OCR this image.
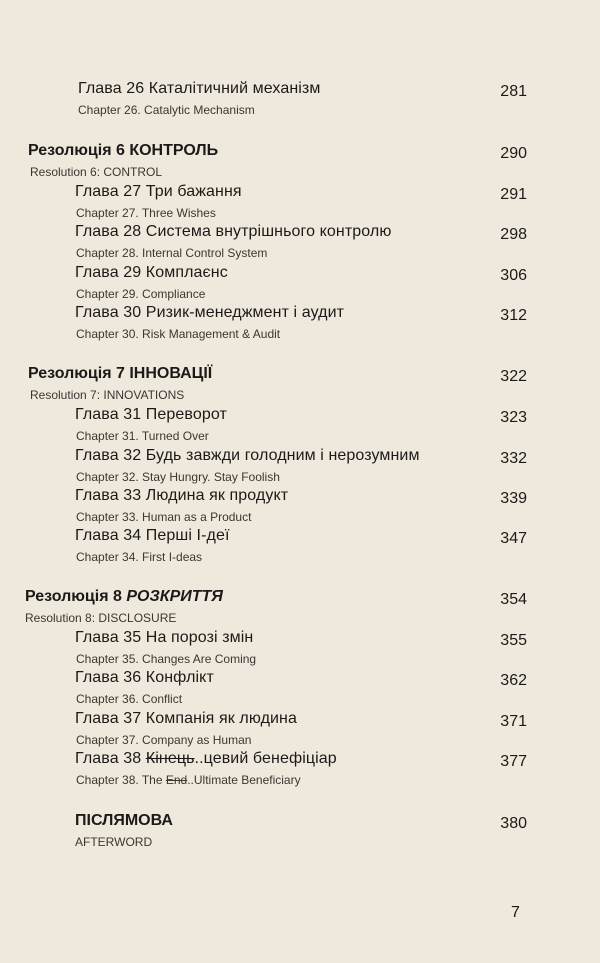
Глава 26 Каталітичний механізм	281
Chapter 26. Catalytic Mechanism
Резолюція 6 КОНТРОЛЬ	290
Resolution 6: CONTROL
Глава 27 Три бажання	291
Chapter 27. Three Wishes
Глава 28 Система внутрішнього контролю	298
Chapter 28. Internal Control System
Глава 29 Комплаєнс	306
Chapter 29. Compliance
Глава 30 Ризик-менеджмент і аудит	312
Chapter 30. Risk Management & Audit
Резолюція 7 ІННОВАЦІЇ	322
Resolution 7: INNOVATIONS
Глава 31 Переворот	323
Chapter 31. Turned Over
Глава 32 Будь завжди голодним і нерозумним	332
Chapter 32. Stay Hungry. Stay Foolish
Глава 33 Людина як продукт	339
Chapter 33. Human as a Product
Глава 34 Перші І-деї	347
Chapter 34. First I-deas
Резолюція 8 РОЗКРИТТЯ	354
Resolution 8: DISCLOSURE
Глава 35 На порозі змін	355
Chapter 35. Changes Are Coming
Глава 36 Конфлікт	362
Chapter 36. Conflict
Глава 37 Компанія як людина	371
Chapter 37. Company as Human
Глава 38 Кінець..цевий бенефіціар	377
Chapter 38. The End..Ultimate Beneficiary
ПІСЛЯМОВА	380
AFTERWORD
7
